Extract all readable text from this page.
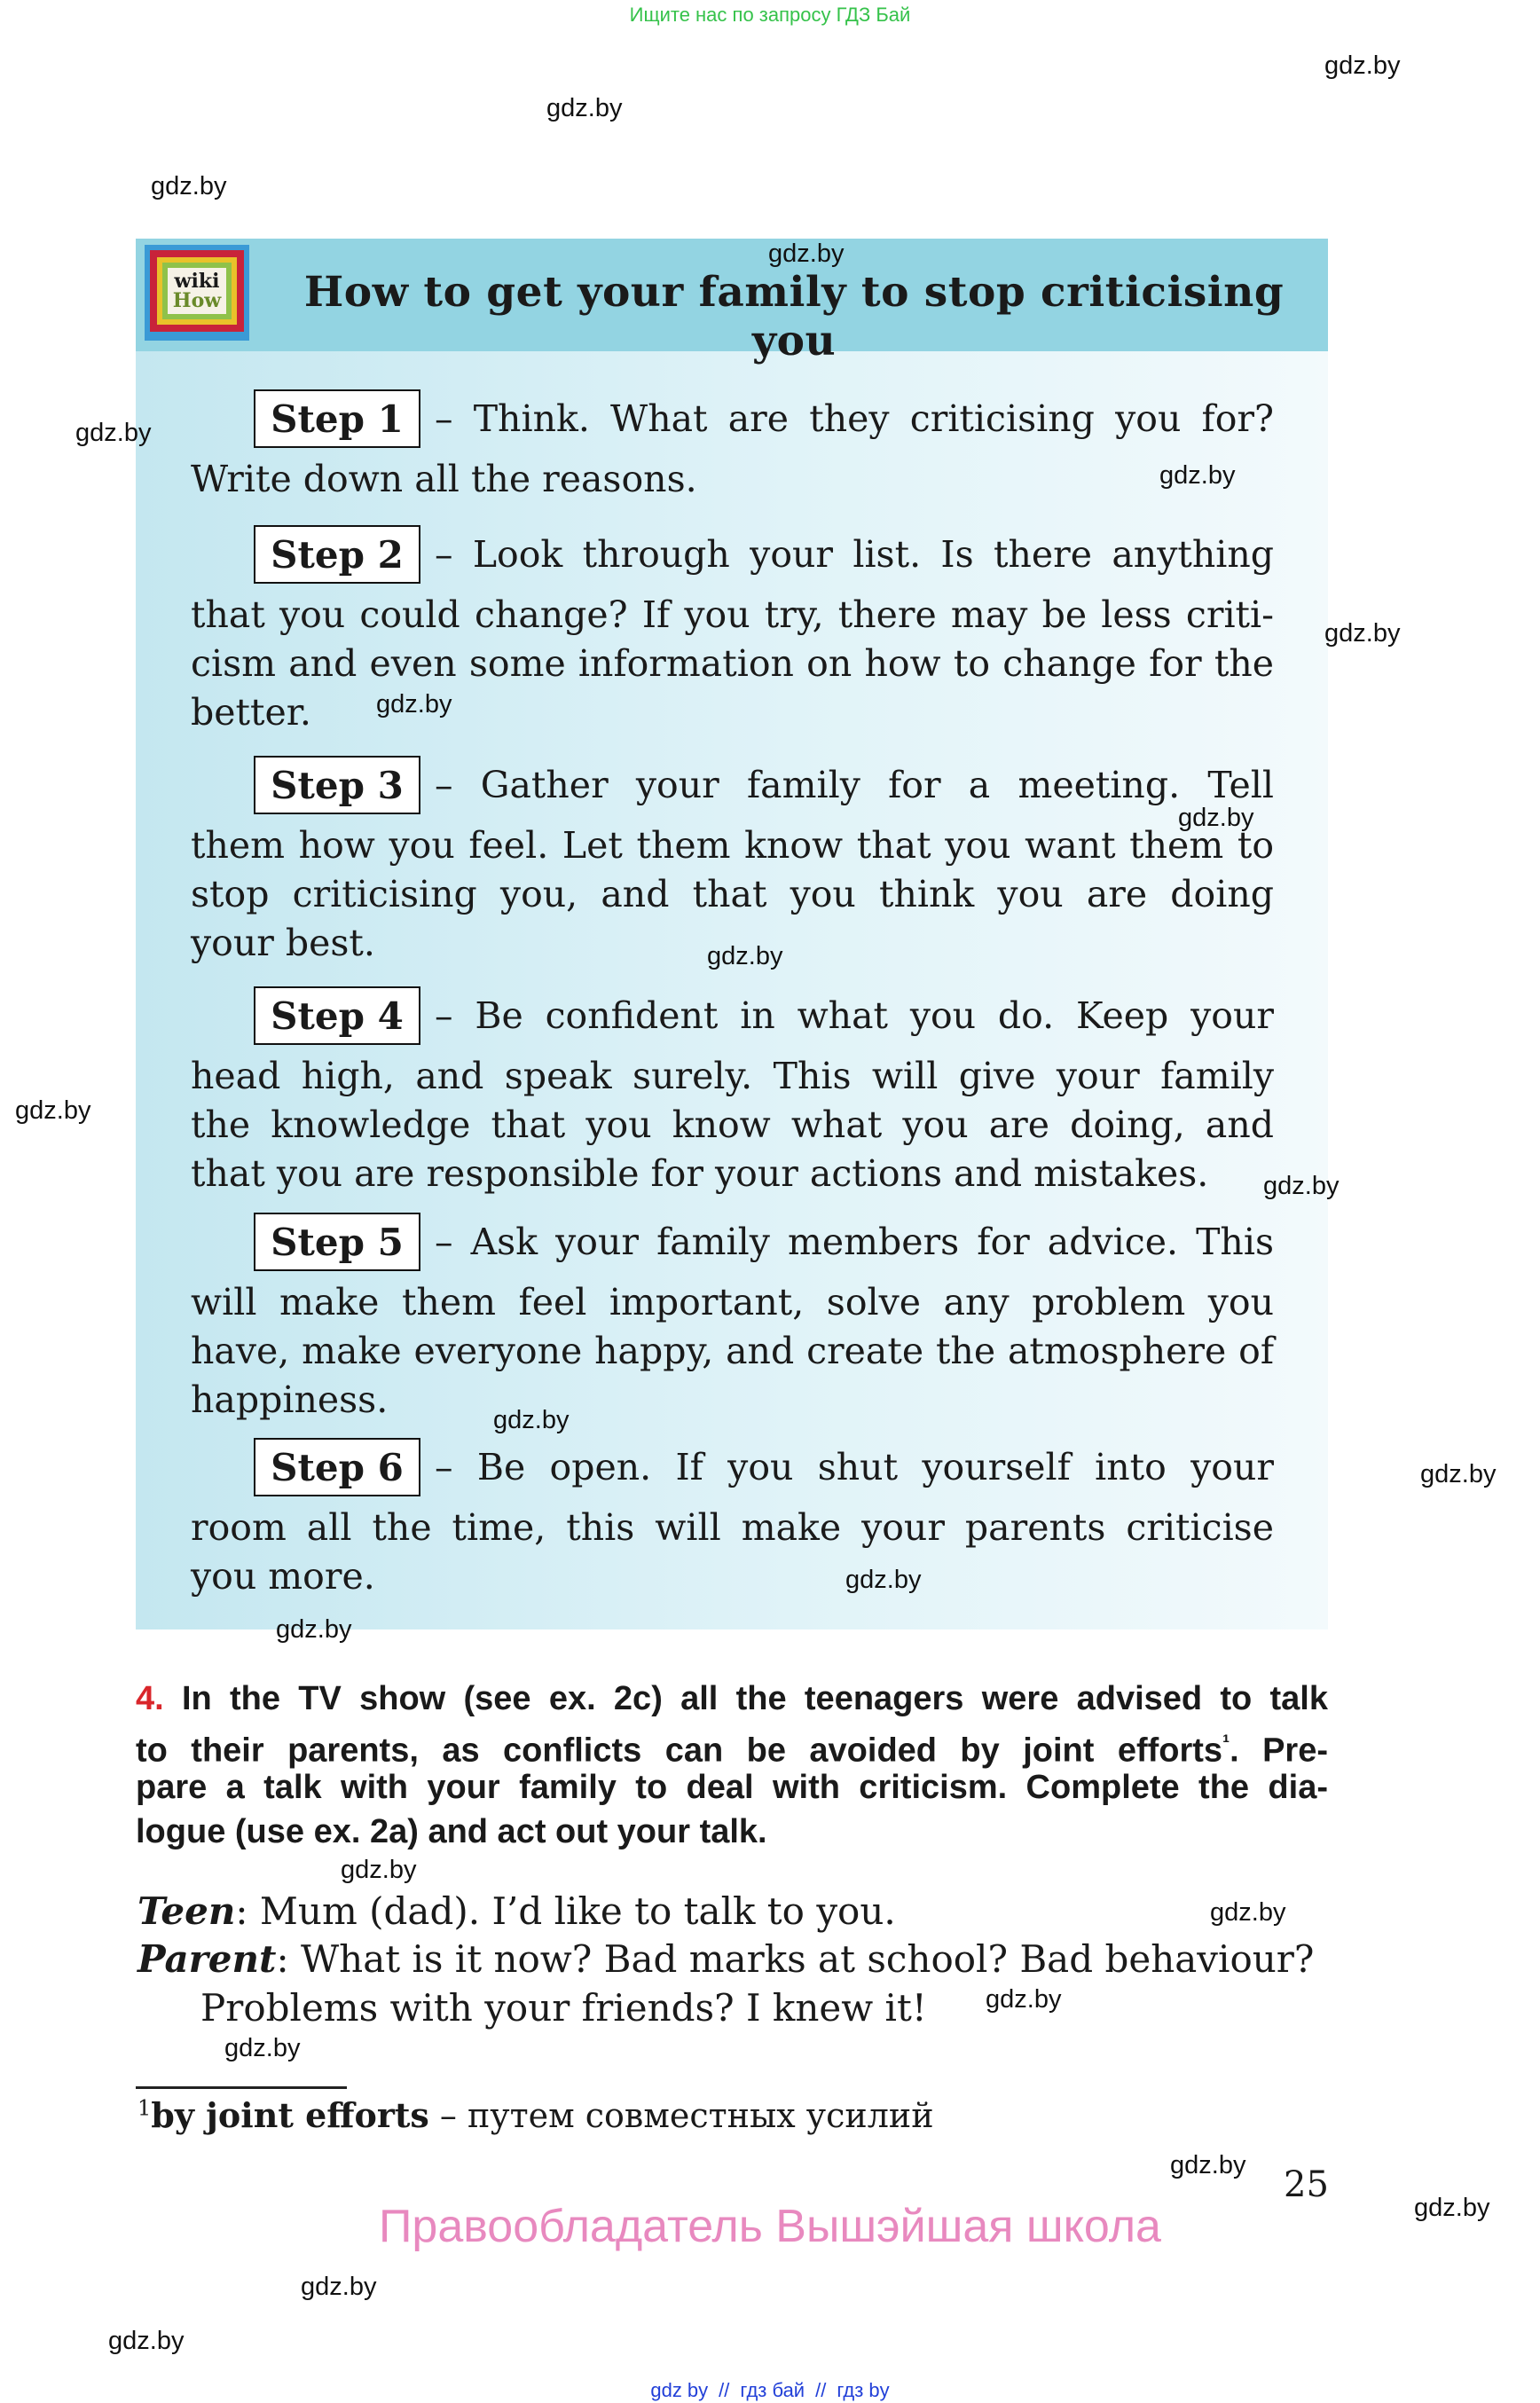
Ищите нас по запросу ГДЗ Бай
wiki
How	How to get your family to stop criticising you
Step 1 – Think. What are they criticising you for?
Write down all the reasons.
Step 2 – Look through your list. Is there anything
that you could change? If you try, there may be less criti-
cism and even some information on how to change for the
better.
Step 3 – Gather your family for a meeting. Tell
them how you feel. Let them know that you want them to
stop criticising you, and that you think you are doing
your best.
Step 4 – Be confident in what you do. Keep your
head high, and speak surely. This will give your family
the knowledge that you know what you are doing, and
that you are responsible for your actions and mistakes.
Step 5 – Ask your family members for advice. This
will make them feel important, solve any problem you
have, make everyone happy, and create the atmosphere of
happiness.
Step 6 – Be open. If you shut yourself into your
room all the time, this will make your parents criticise
you more.
4. In the TV show (see ex. 2c) all the teenagers were advised to talk
to their parents, as conflicts can be avoided by joint efforts$^{^1}$. Pre-
pare a talk with your family to deal with criticism. Complete the dia-
logue (use ex. 2a) and act out your talk.
Teen: Mum (dad). I’d like to talk to you.
Parent: What is it now? Bad marks at school? Bad behaviour?
Problems with your friends? I knew it!
$^1$by joint efforts – путем совместных усилий
25
Правообладатель Вышэйшая школа
gdz by // гдз бай // гдз by
gdz.by
gdz.by
gdz.by
gdz.by
gdz.by
gdz.by
gdz.by
gdz.by
gdz.by
gdz.by
gdz.by
gdz.by
gdz.by
gdz.by
gdz.by
gdz.by
gdz.by
gdz.by
gdz.by
gdz.by
gdz.by
gdz.by
gdz.by
gdz.by
